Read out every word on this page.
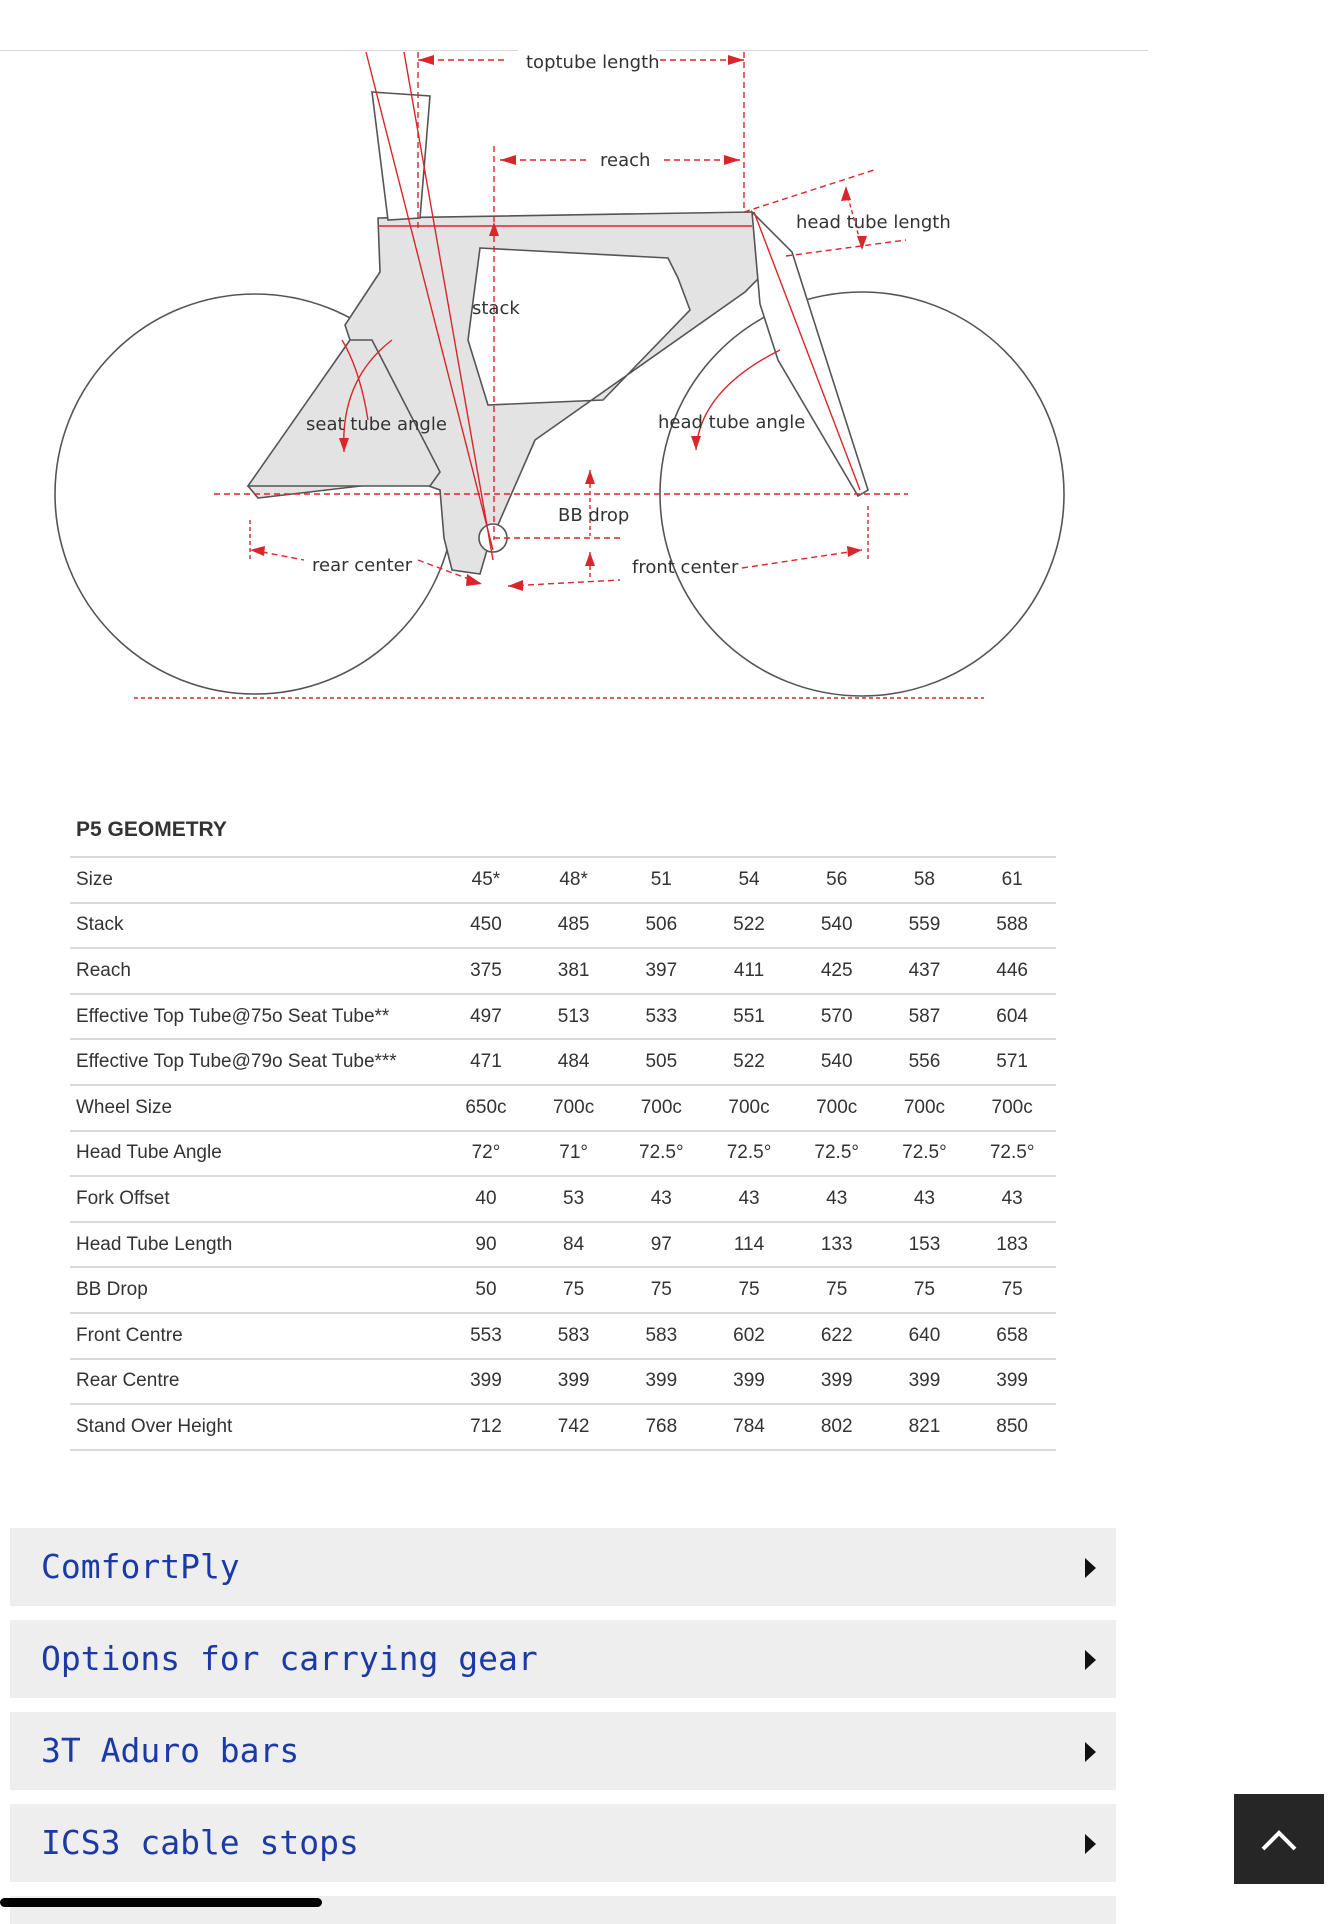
toptube length
reach
head tube length
stack
seat tube angle	head tube angle
BB drop
rear center	front center
P5 GEOMETRY
Size	45*	48*	51	54	56	58	61
Stack	450	485	506	522	540	559	588
Reach	375	381	397	411	425	437	446
Effective Top Tube@75o Seat Tube**	497	513	533	551	570	587	604
Effective Top Tube@79o Seat Tube***	471	484	505	522	540	556	571
Wheel Size	650c	700c	700c	700c	700c	700c	700c
Head Tube Angle	72°	71°	72.5°	72.5°	72.5°	72.5°	72.5°
Fork Offset	40	53	43	43	43	43	43
Head Tube Length	90	84	97	114	133	153	183
BB Drop	50	75	75	75	75	75	75
Front Centre	553	583	583	602	622	640	658
Rear Centre	399	399	399	399	399	399	399
Stand Over Height	712	742	768	784	802	821	850
ComfortPly
Options for carrying gear
3T Aduro bars
ICS3 cable stops
